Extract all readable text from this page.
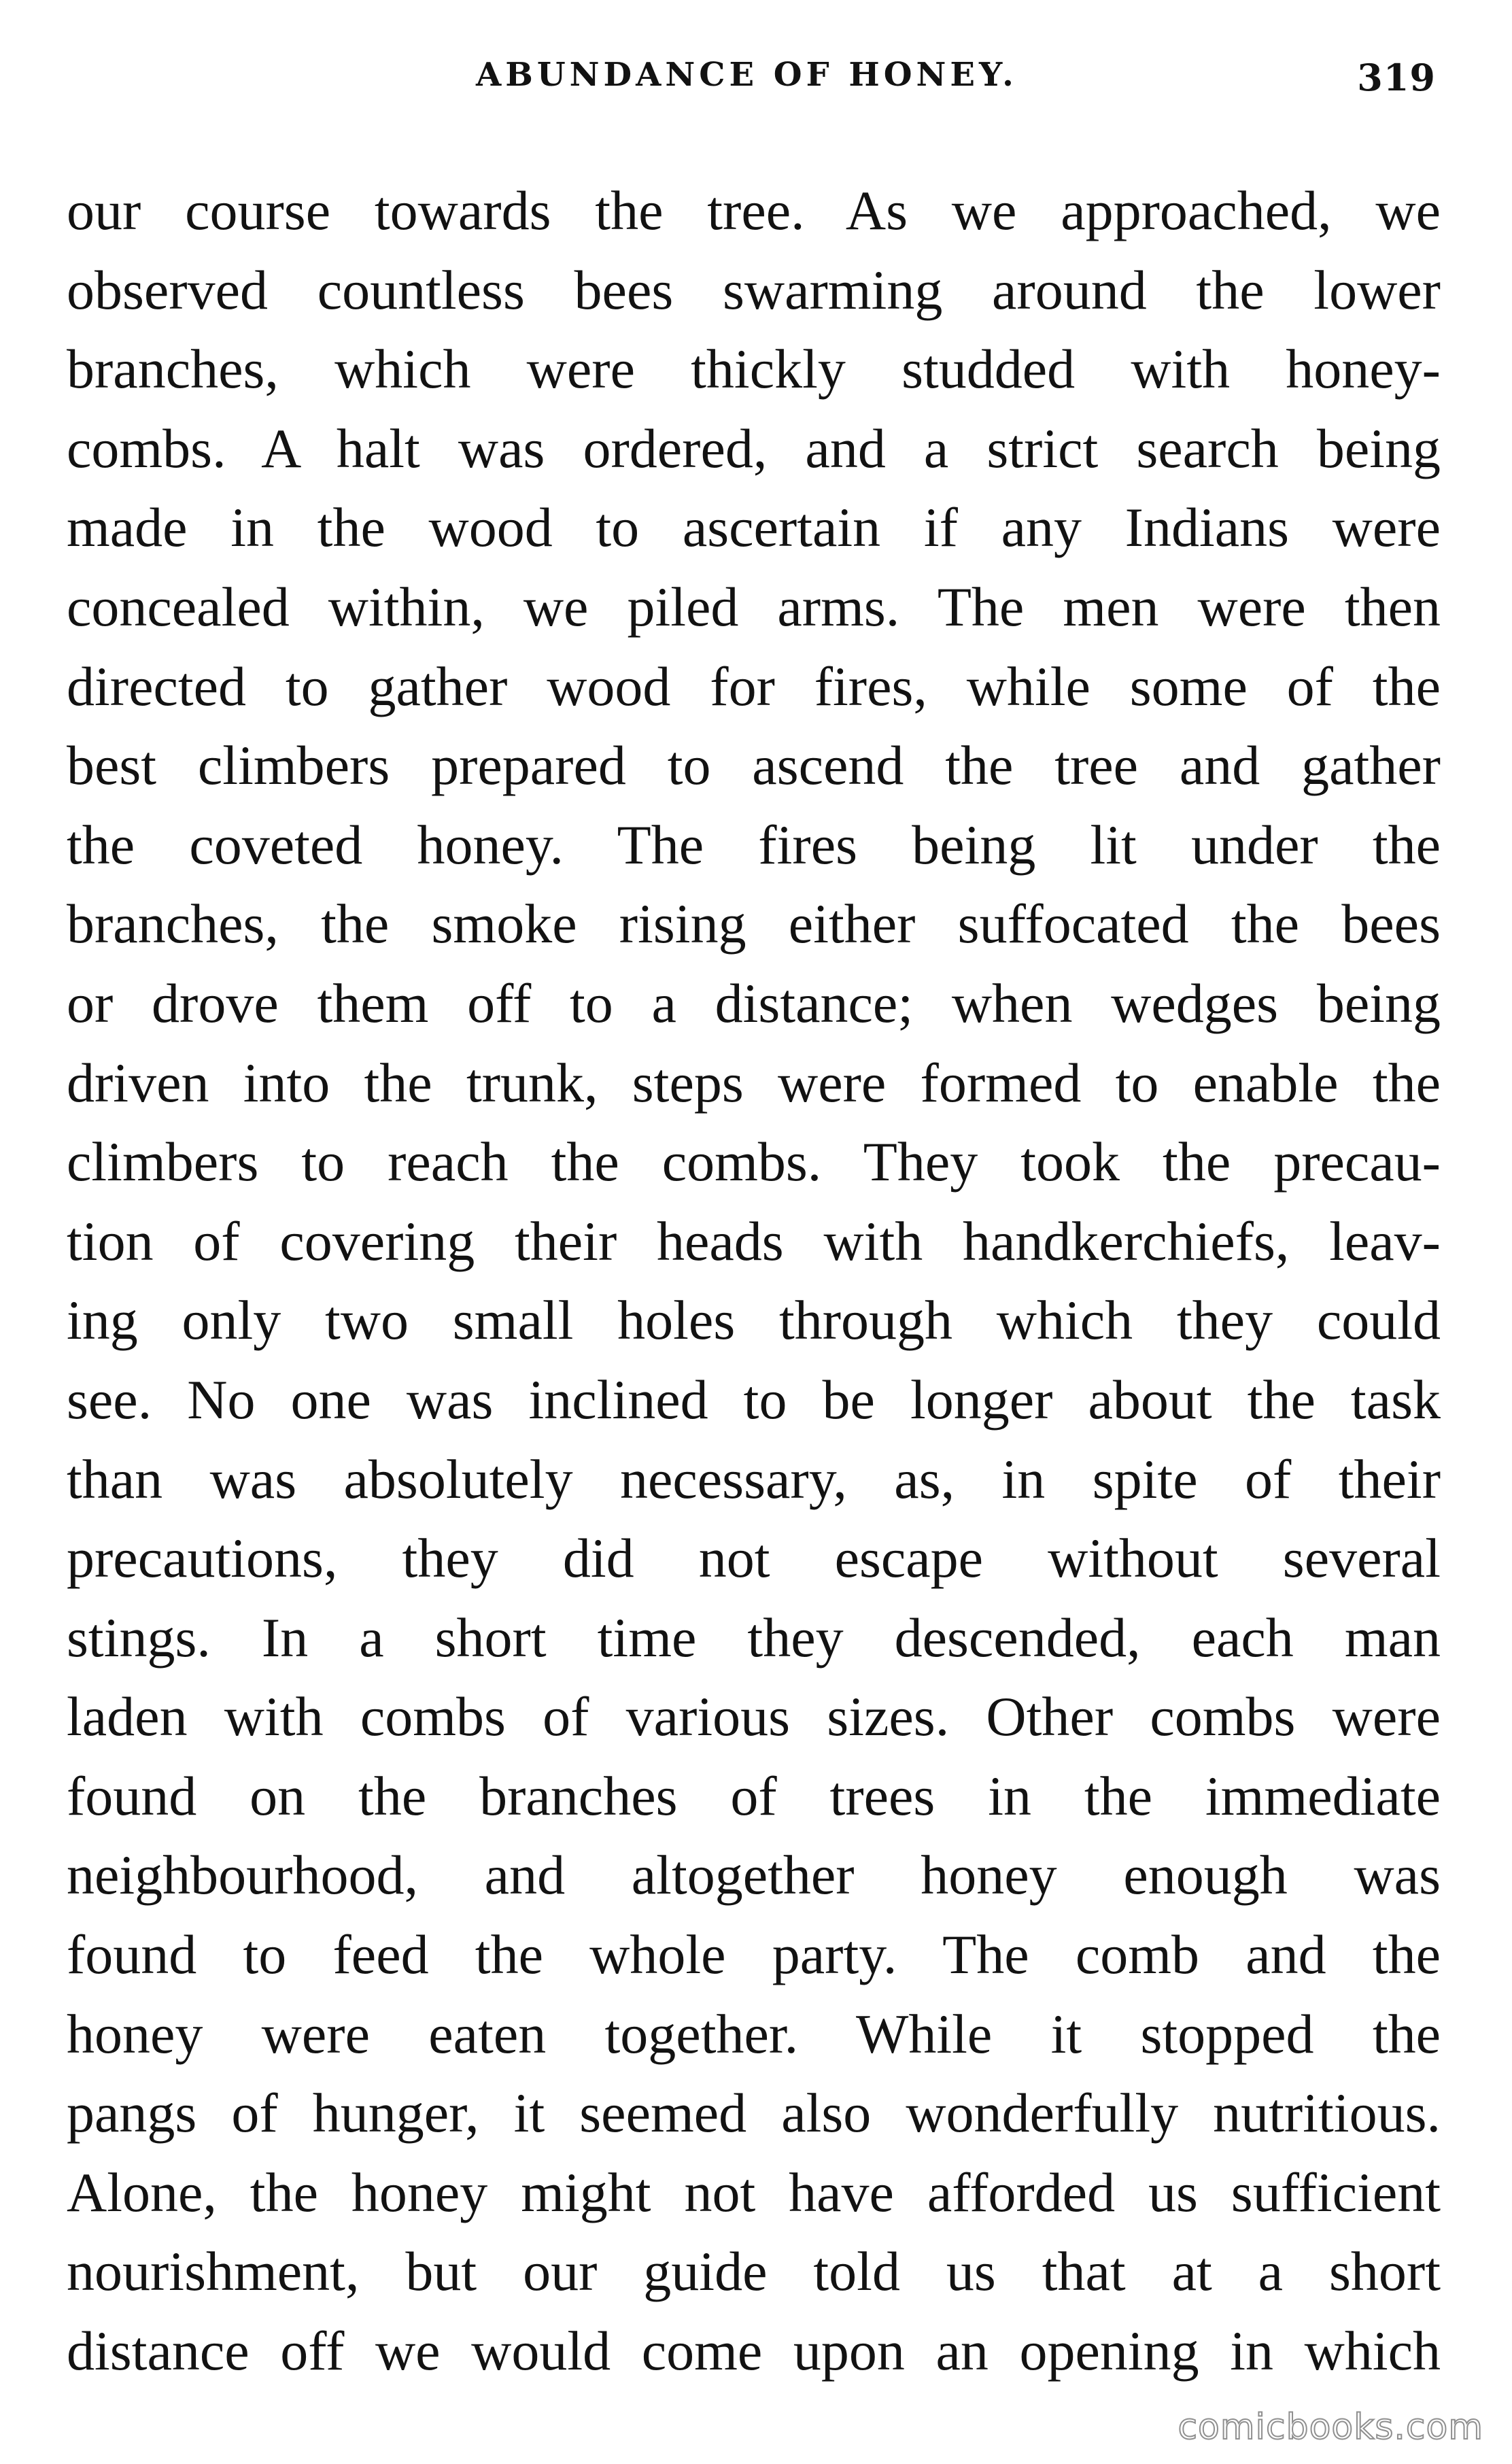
ABUNDANCE OF HONEY.	319
our course towards the tree. As we approached, we
observed countless bees swarming around the lower
branches, which were thickly studded with honey-
combs. A halt was ordered, and a strict search being
made in the wood to ascertain if any Indians were
concealed within, we piled arms. The men were then
directed to gather wood for fires, while some of the
best climbers prepared to ascend the tree and gather
the coveted honey. The fires being lit under the
branches, the smoke rising either suffocated the bees
or drove them off to a distance; when wedges being
driven into the trunk, steps were formed to enable the
climbers to reach the combs. They took the precau-
tion of covering their heads with handkerchiefs, leav-
ing only two small holes through which they could
see. No one was inclined to be longer about the task
than was absolutely necessary, as, in spite of their
precautions, they did not escape without several
stings. In a short time they descended, each man
laden with combs of various sizes. Other combs were
found on the branches of trees in the immediate
neighbourhood, and altogether honey enough was
found to feed the whole party. The comb and the
honey were eaten together. While it stopped the
pangs of hunger, it seemed also wonderfully nutritious.
Alone, the honey might not have afforded us sufficient
nourishment, but our guide told us that at a short
distance off we would come upon an opening in which
comicbooks.com
